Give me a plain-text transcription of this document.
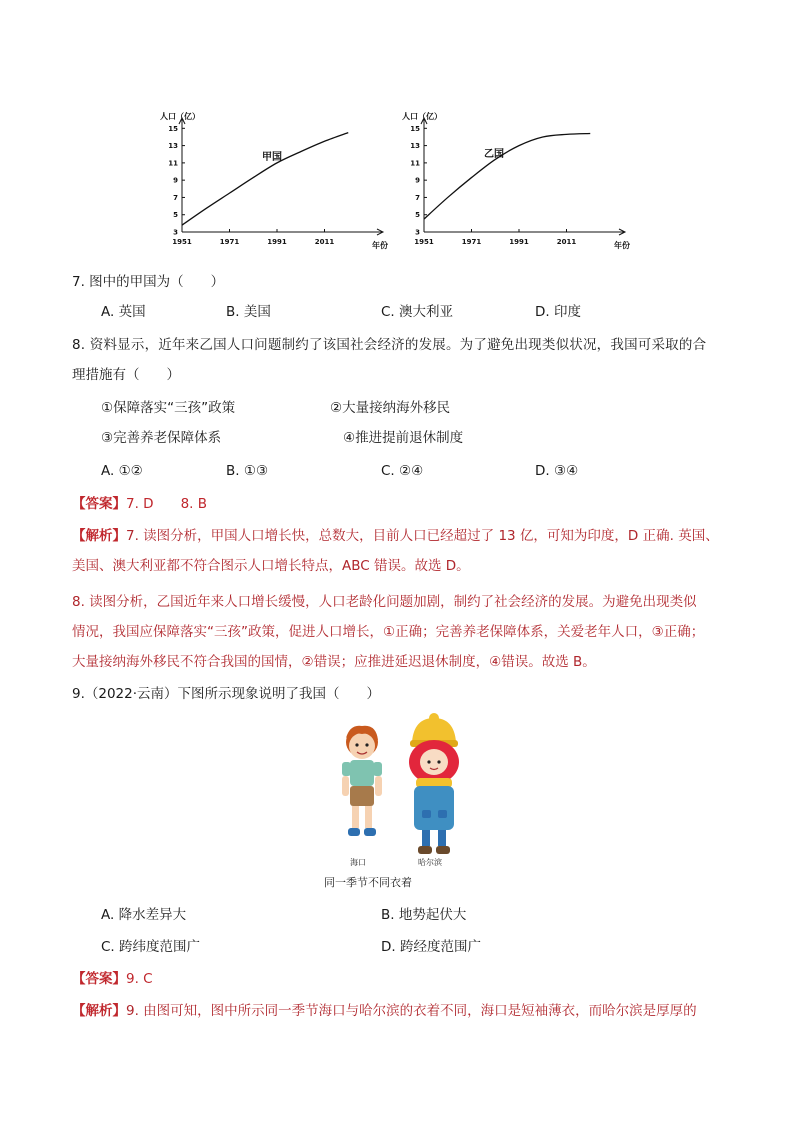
人口（亿）
年份
甲国
3
5
7
9
11
13
15
1951	1971	1991	2011
人口（亿）
年份
乙国
3
5
7
9
11
13
15
1951	1971	1991	2011
7. 图中的甲国为（　　）
A. 英国	B. 美国	C. 澳大利亚	D. 印度
8. 资料显示，近年来乙国人口问题制约了该国社会经济的发展。为了避免出现类似状况，我国可采取的合
理措施有（　　）
①保障落实“三孩”政策	②大量接纳海外移民
③完善养老保障体系	④推进提前退休制度
A. ①②	B. ①③	C. ②④	D. ③④
【答案】7. D　　8. B
【解析】7. 读图分析，甲国人口增长快，总数大，目前人口已经超过了 13 亿，可知为印度，D 正确. 英国、
美国、澳大利亚都不符合图示人口增长特点，ABC 错误。故选 D。
8. 读图分析，乙国近年来人口增长缓慢，人口老龄化问题加剧，制约了社会经济的发展。为避免出现类似
情况，我国应保障落实“三孩”政策，促进人口增长，①正确；完善养老保障体系，关爱老年人口，③正确；
大量接纳海外移民不符合我国的国情，②错误；应推进延迟退休制度，④错误。故选 B。
9.（2022·云南）下图所示现象说明了我国（　　）
海口	哈尔滨
同一季节不同衣着
A. 降水差异大	B. 地势起伏大
C. 跨纬度范围广	D. 跨经度范围广
【答案】9. C
【解析】9. 由图可知，图中所示同一季节海口与哈尔滨的衣着不同，海口是短袖薄衣，而哈尔滨是厚厚的
